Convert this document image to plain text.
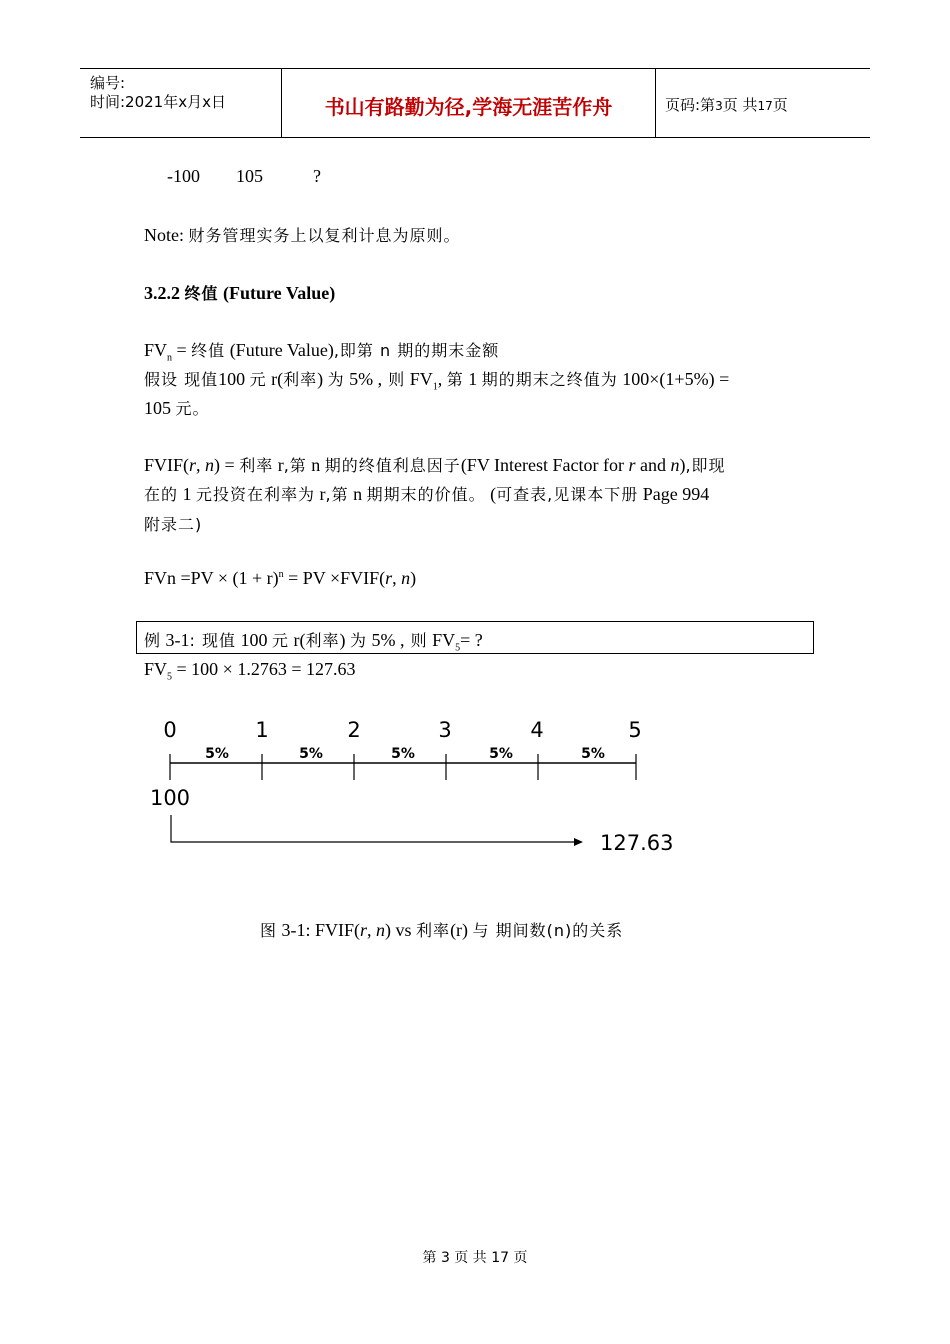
编号:
时间:2021年x月x日	书山有路勤为径,学海无涯苦作舟	页码:第3页 共17页
-100 105	?
Note: 财务管理实务上以复利计息为原则。
3.2.2 终值 (Future Value)
$FV_n$ = 终值 (Future Value),即第 n 期的期末金额
假设 现值100 元 r(利率) 为 5% , 则 $FV_1$, 第 1 期的期末之终值为 100×(1+5%) =
105 元。
FVIF(r, n) = 利率 r,第 n 期的终值利息因子(FV Interest Factor for r and n),即现
在的 1 元投资在利率为 r,第 n 期期末的价值。 (可查表,见课本下册 Page 994
附录二)
FVn $=PV \times (1 + r)^n$ = PV ×FVIF(r, n)
例 3-1: 现值 100 元 r(利率) 为 5% , 则 $FV_5=$ ?
$FV_5 = 100 \times 1.2763 = 127.63$
0	1	2	3	4	5
5%	5%	5%	5%	5%
100
127.63
图 3-1: FVIF(r, n) vs 利率(r) 与 期间数(n)的关系
第 3 页 共 17 页
